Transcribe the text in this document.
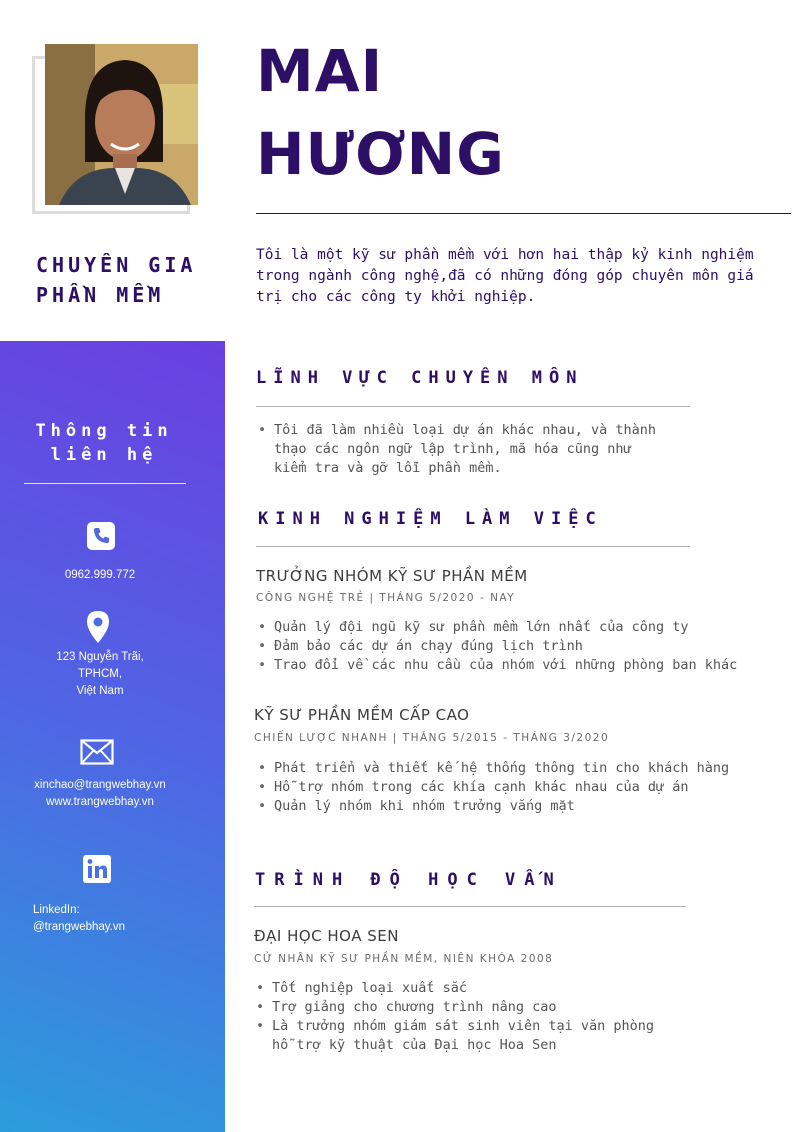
MAI
HƯƠNG
CHUYÊN GIA PHẦN MỀM
Tôi là một kỹ sư phần mềm với hơn hai thập kỷ kinh nghiệm trong ngành công nghệ,đã có những đóng góp chuyên môn giá trị cho các công ty khởi nghiệp.
Thông tin liên hệ
0962.999.772
123 Nguyễn Trãi,
TPHCM,
Việt Nam
xinchao@trangwebhay.vn
www.trangwebhay.vn
LinkedIn:
@trangwebhay.vn
LĨNH VỰC CHUYÊN MÔN
• Tôi đã làm nhiều loại dự án khác nhau, và thành thạo các ngôn ngữ lập trình, mã hóa cũng như kiểm tra và gỡ lỗi phần mềm.
KINH NGHIỆM LÀM VIỆC
TRƯỞNG NHÓM KỸ SƯ PHẦN MỀM
CÔNG NGHỆ TRẺ | THÁNG 5/2020 - NAY
• Quản lý đội ngũ kỹ sư phần mềm lớn nhất của công ty
• Đảm bảo các dự án chạy đúng lịch trình
• Trao đổi về các nhu cầu của nhóm với những phòng ban khác
KỸ SƯ PHẦN MỀM CẤP CAO
CHIẾN LƯỢC NHANH | THÁNG 5/2015 - THÁNG 3/2020
• Phát triển và thiết kế hệ thống thông tin cho khách hàng
• Hỗ trợ nhóm trong các khía cạnh khác nhau của dự án
• Quản lý nhóm khi nhóm trưởng vắng mặt
TRÌNH ĐỘ HỌC VẤN
ĐẠI HỌC HOA SEN
CỬ NHÂN KỸ SƯ PHẦN MỀM, NIÊN KHÓA 2008
• Tốt nghiệp loại xuất sắc
• Trợ giảng cho chương trình nâng cao
• Là trưởng nhóm giám sát sinh viên tại văn phòng hỗ trợ kỹ thuật của Đại học Hoa Sen
